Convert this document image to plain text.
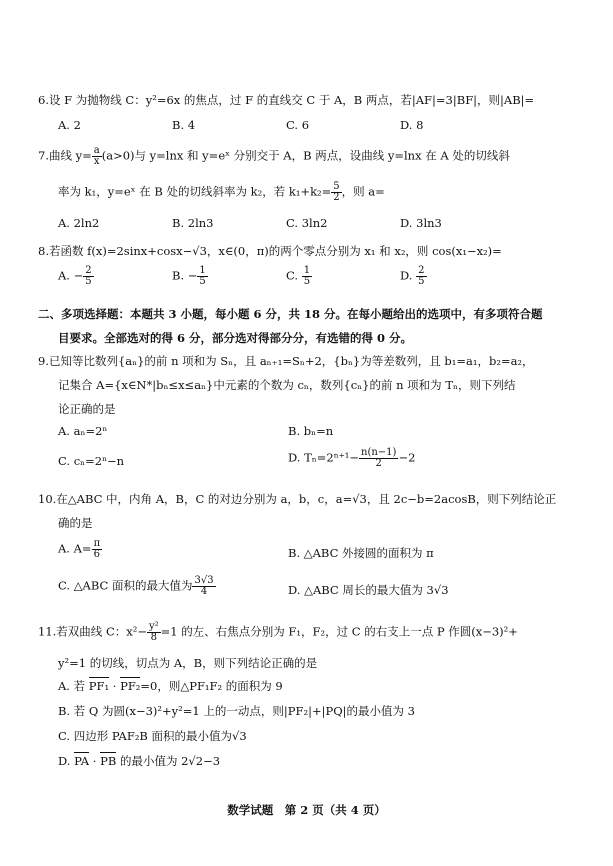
6.设 F 为抛物线 C：y²=6x 的焦点，过 F 的直线交 C 于 A，B 两点，若|AF|=3|BF|，则|AB|=
A. 2	B. 4	C. 6	D. 8
7.曲线 $y= \frac{a}{x} (a>0)$与 y=lnx 和 y=eˣ 分别交于 A，B 两点，设曲线 y=lnx 在 A 处的切线斜
率为 k₁，y=eˣ 在 B 处的切线斜率为 k₂，若 $k_1+k_2= \frac{5}{2}$ ，则 a=
A. 2ln2	B. 2ln3	C. 3ln2	D. 3ln3
8.若函数 f(x)=2sinx+cosx−√3，x∈(0，π)的两个零点分别为 x₁ 和 x₂，则 cos(x₁−x₂)=
A. − $\frac{2}{5}$	B. − $\frac{1}{5}$	C. $\frac{1}{5}$	D. $\frac{2}{5}$
二、多项选择题：本题共 3 小题，每小题 6 分，共 18 分。在每小题给出的选项中，有多项符合题
目要求。全部选对的得 6 分，部分选对得部分分，有选错的得 0 分。
9.已知等比数列{aₙ}的前 n 项和为 Sₙ，且 aₙ₊₁=Sₙ+2，{bₙ}为等差数列，且 b₁=a₁，b₂=a₂，
记集合 A={x∈N*|bₙ≤x≤aₙ}中元素的个数为 cₙ，数列{cₙ}的前 n 项和为 Tₙ，则下列结
论正确的是
A. aₙ=2ⁿ	B. bₙ=n
C. cₙ=2ⁿ−n	D. $T_n=2^{n+1}- \frac{n(n-1)}{2} -2$
10.在△ABC 中，内角 A，B，C 的对边分别为 a，b，c，a=√3，且 2c−b=2acosB，则下列结论正
确的是
A. $A= \frac{\pi}{6}$	B. △ABC 外接圆的面积为 π
C. △ABC 面积的最大值为 $\frac{3√3}{4}$	D. △ABC 周长的最大值为 3√3
11.若双曲线 C：$x^2- \frac{\text{y²}}{8} =1$ 的左、右焦点分别为 F₁，F₂，过 C 的右支上一点 P 作圆(x−3)²+
y²=1 的切线，切点为 A，B，则下列结论正确的是
A. 若 PF₁ · PF₂=0，则△PF₁F₂ 的面积为 9
B. 若 Q 为圆(x−3)²+y²=1 上的一动点，则|PF₂|+|PQ|的最小值为 3
C. 四边形 PAF₂B 面积的最小值为√3
D. PA · PB 的最小值为 2√2−3
数学试题　第 2 页（共 4 页）
